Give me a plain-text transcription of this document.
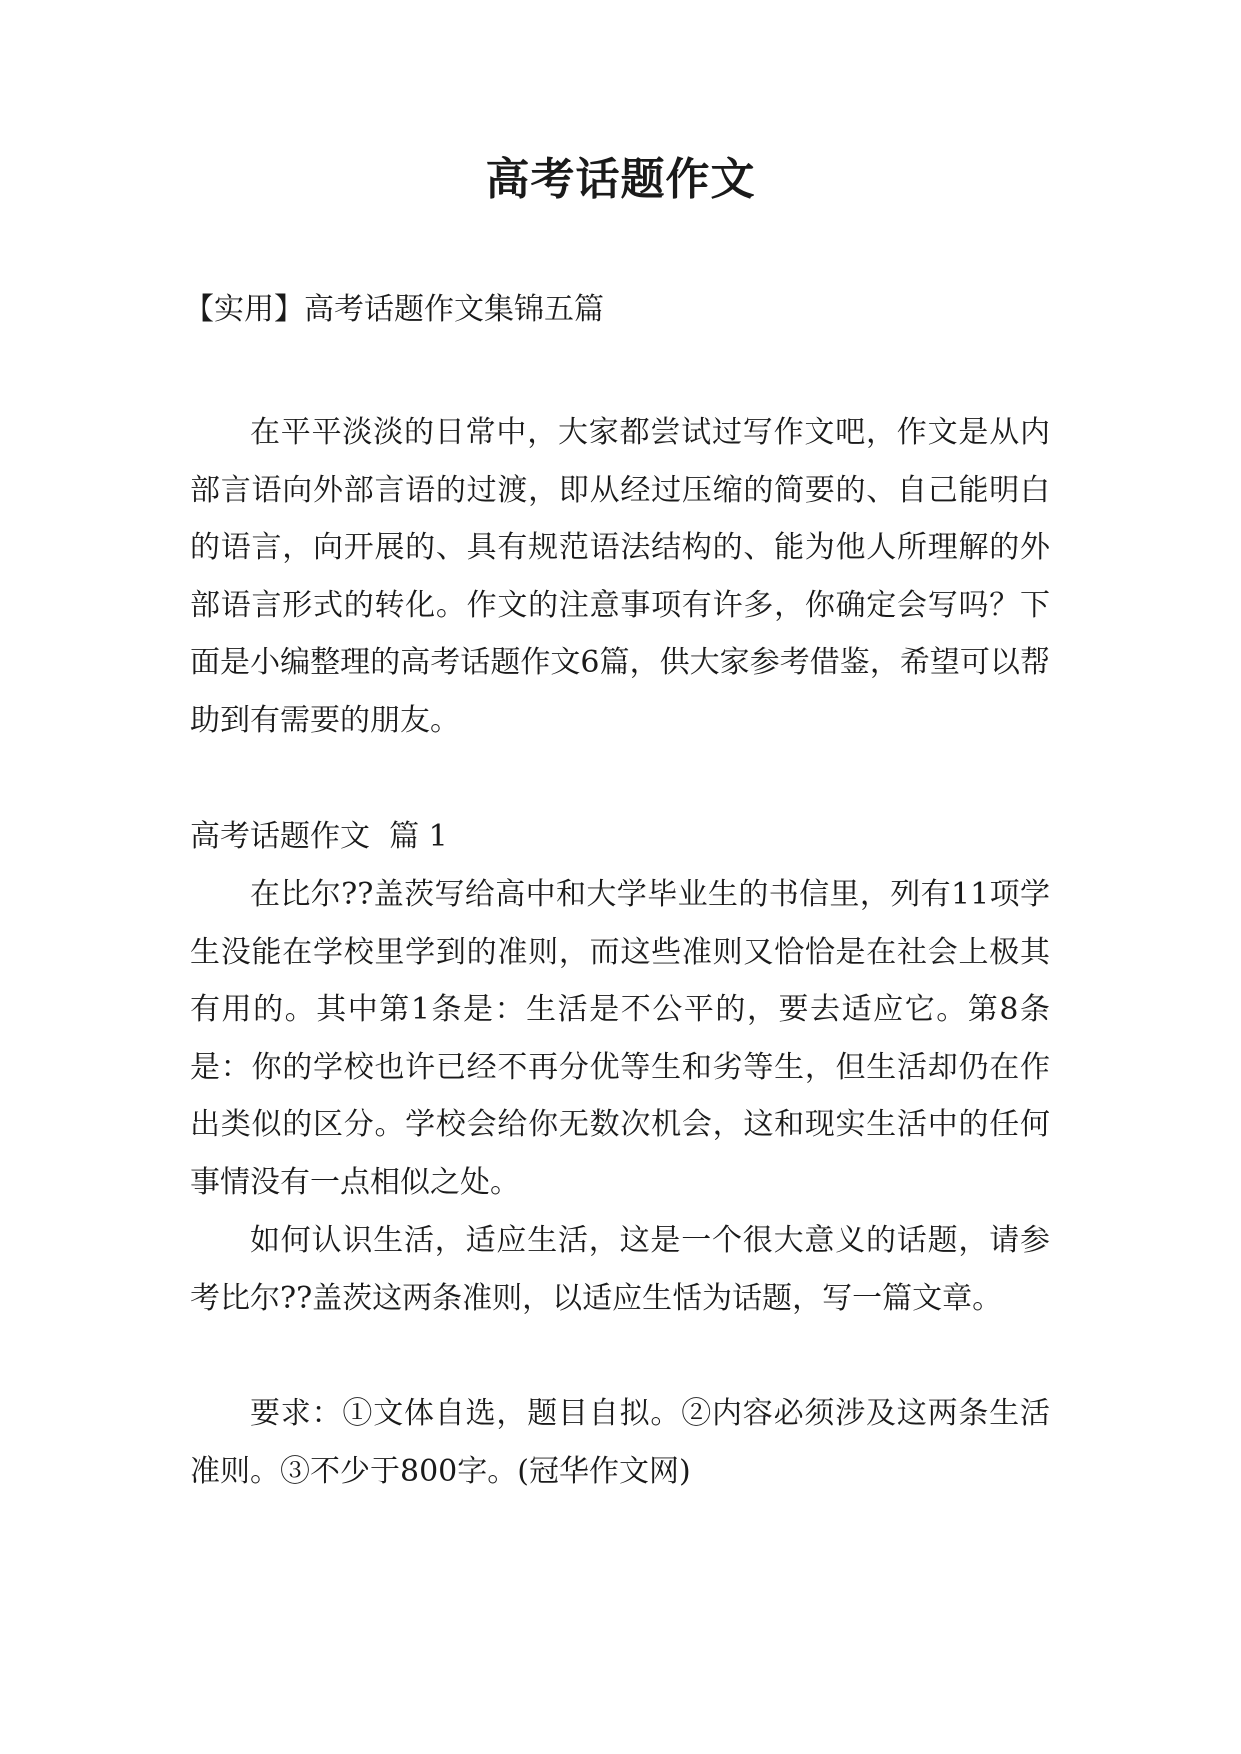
高考话题作文

【实用】高考话题作文集锦五篇

在平平淡淡的日常中，大家都尝试过写作文吧，作文是从内部言语向外部言语的过渡，即从经过压缩的简要的、自己能明白的语言，向开展的、具有规范语法结构的、能为他人所理解的外部语言形式的转化。作文的注意事项有许多，你确定会写吗？下面是小编整理的高考话题作文6篇，供大家参考借鉴，希望可以帮助到有需要的朋友。

高考话题作文  篇 1

在比尔??盖茨写给高中和大学毕业生的书信里，列有11项学生没能在学校里学到的准则，而这些准则又恰恰是在社会上极其有用的。其中第1条是：生活是不公平的，要去适应它。第8条是：你的学校也许已经不再分优等生和劣等生，但生活却仍在作出类似的区分。学校会给你无数次机会，这和现实生活中的任何事情没有一点相似之处。

如何认识生活，适应生活，这是一个很大意义的话题，请参考比尔??盖茨这两条准则，以适应生恬为话题，写一篇文章。

要求：①文体自选，题目自拟。②内容必须涉及这两条生活准则。③不少于800字。(冠华作文网)
